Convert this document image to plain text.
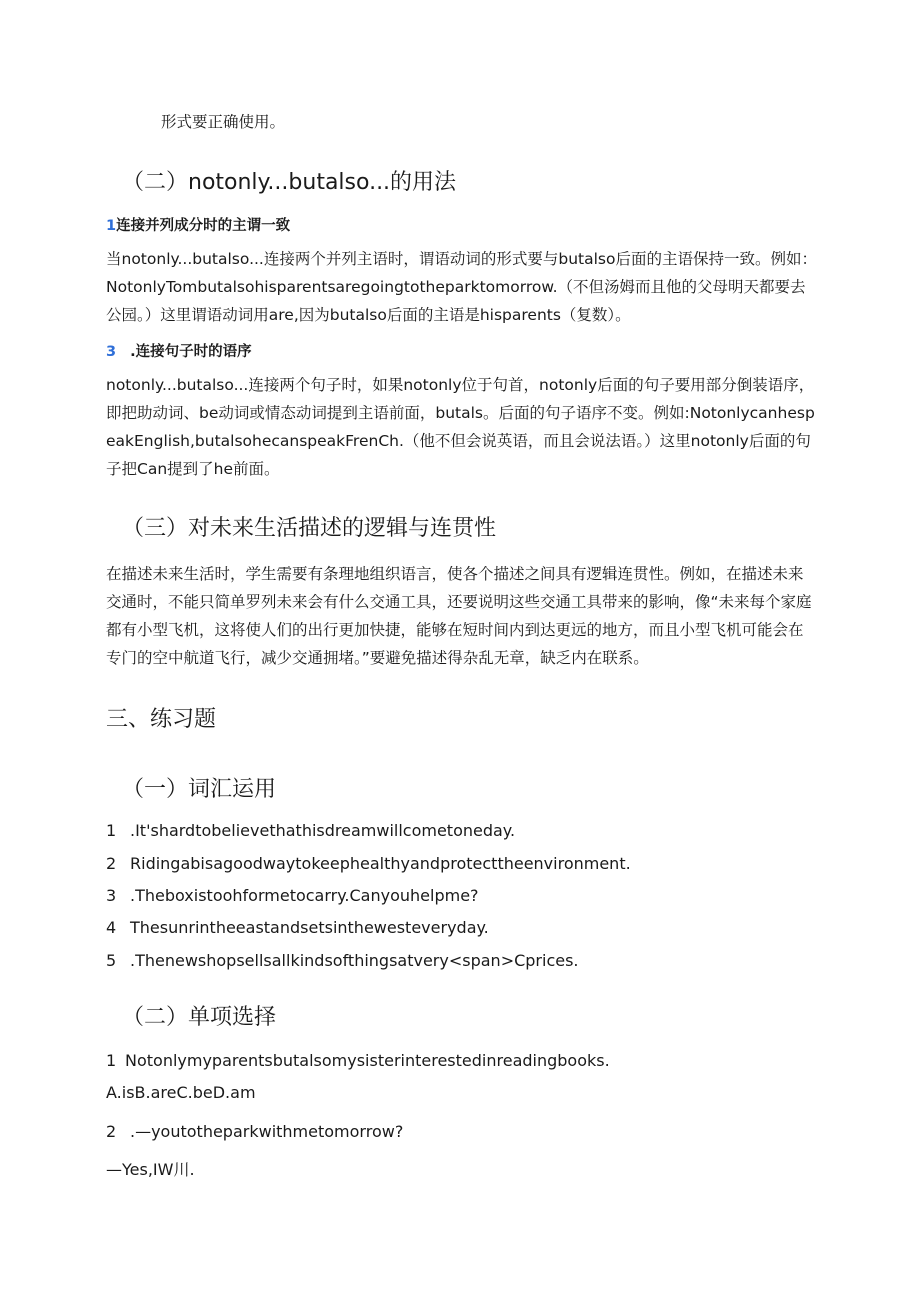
形式要正确使用。
（二）notonly...butalso...的用法
1连接并列成分时的主谓一致
当notonly...butalso...连接两个并列主语时，谓语动词的形式要与butalso后面的主语保持一致。例如：NotonlyTombutalsohisparentsaregoingtotheparktomorrow.（不但汤姆而且他的父母明天都要去公园。）这里谓语动词用are,因为butalso后面的主语是hisparents（复数）。
3 .连接句子时的语序
notonly...butalso...连接两个句子时，如果notonly位于句首，notonly后面的句子要用部分倒装语序，即把助动词、be动词或情态动词提到主语前面，butals。后面的句子语序不变。例如:NotonlycanhespeakEnglish,butalsohecanspeakFrenCh.（他不但会说英语，而且会说法语。）这里notonly后面的句子把Can提到了he前面。
（三）对未来生活描述的逻辑与连贯性
在描述未来生活时，学生需要有条理地组织语言，使各个描述之间具有逻辑连贯性。例如，在描述未来交通时，不能只简单罗列未来会有什么交通工具，还要说明这些交通工具带来的影响，像“未来每个家庭都有小型飞机，这将使人们的出行更加快捷，能够在短时间内到达更远的地方，而且小型飞机可能会在专门的空中航道飞行，减少交通拥堵。”要避免描述得杂乱无章，缺乏内在联系。
三、练习题
（一）词汇运用
1 .It'shardtobelievethathisdreamwillcometoneday.
2 Ridingabisagoodwaytokeephealthyandprotecttheenvironment.
3 .Theboxistoohformetocarry.Canyouhelpme?
4 Thesunrintheeastandsetsinthewesteveryday.
5 .Thenewshopsellsallkindsofthingsatvery<span>Cprices.
（二）单项选择
1 Notonlymyparentsbutalsomysisterinterestedinreadingbooks.
A.isB.areC.beD.am
2 .—youtotheparkwithmetomorrow?
—Yes,IW川.
